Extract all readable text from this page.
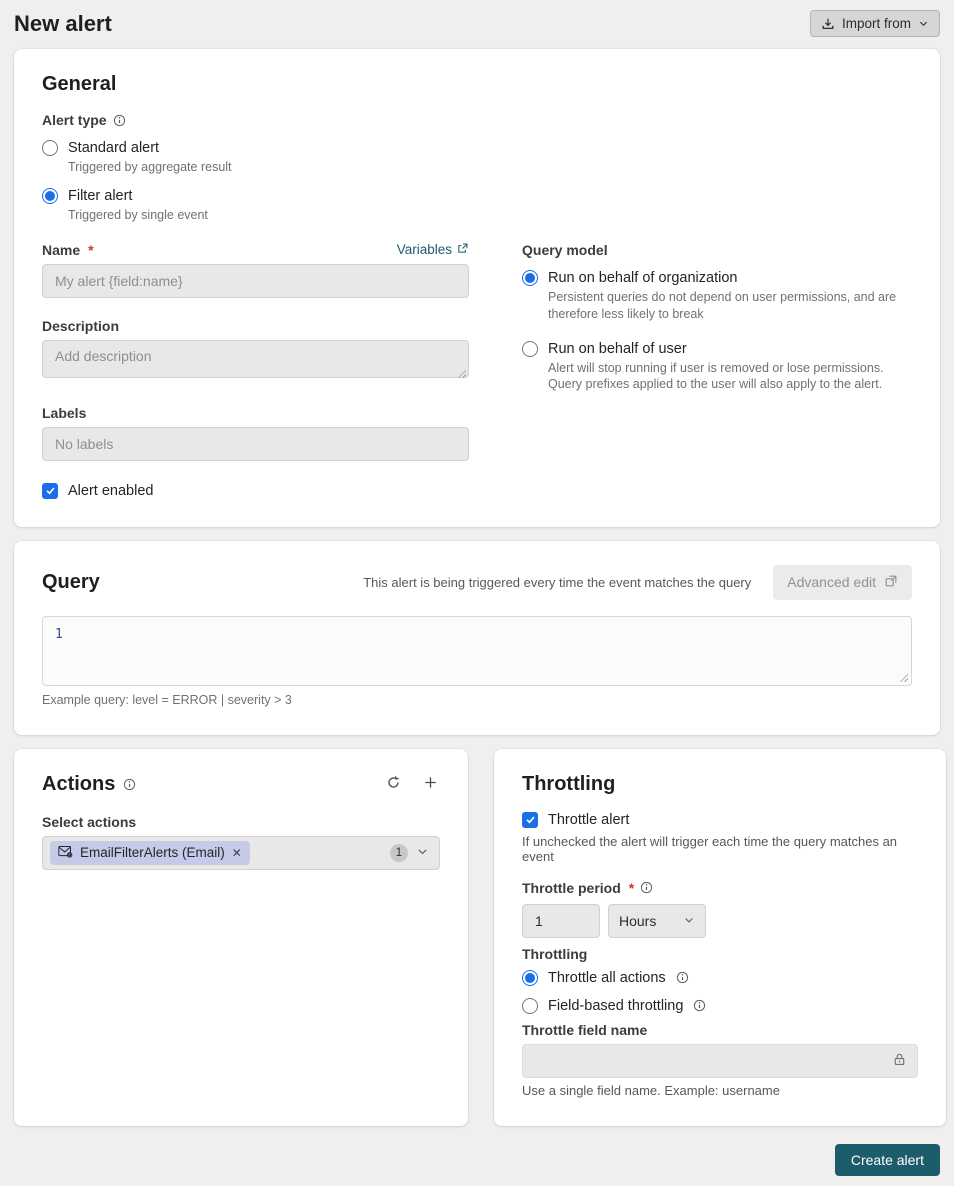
New alert	Import from
General
Alert type
Standard alert
Triggered by aggregate result
Filter alert
Triggered by single event
Name *	Variables
My alert {field:name}
Description
Add description
Labels
No labels
Alert enabled
Query model
Run on behalf of organization
Persistent queries do not depend on user permissions, and are therefore less likely to break
Run on behalf of user
Alert will stop running if user is removed or lose permissions. Query prefixes applied to the user will also apply to the alert.
Query	This alert is being triggered every time the event matches the query	Advanced edit
1
Example query: level = ERROR | severity > 3
Actions

Select actions
EmailFilterAlerts (Email) ✕	1
Throttling
Throttle alert
If unchecked the alert will trigger each time the query matches an event
Throttle period *
1
Hours
Throttling
Throttle all actions
Field-based throttling
Throttle field name
Use a single field name. Example: username
Create alert
